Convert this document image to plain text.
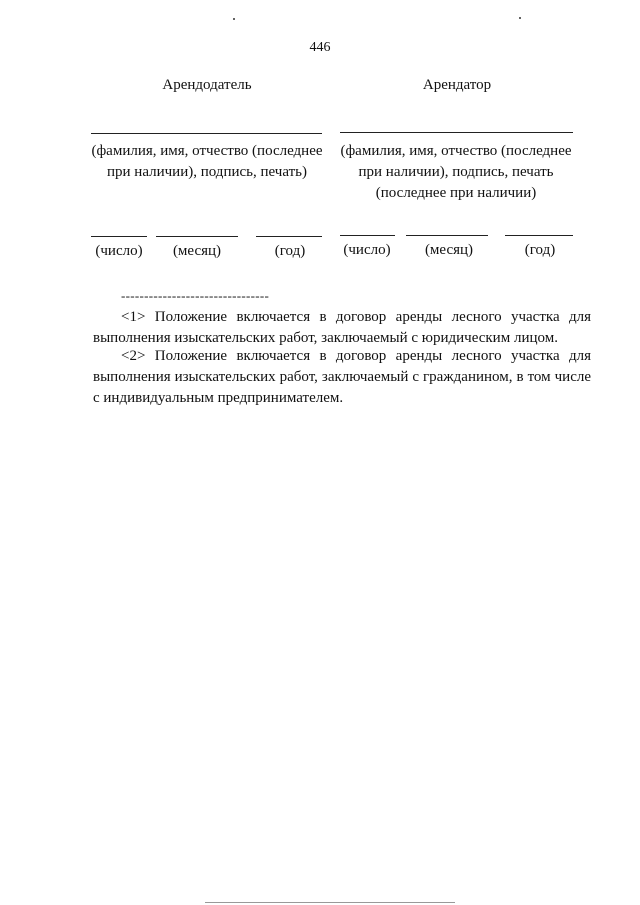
446
Арендодатель	Арендатор
(фамилия, имя, отчество (последнее при наличии), подпись, печать)
(фамилия, имя, отчество (последнее при наличии), подпись, печать (последнее при наличии)
(число)	(месяц)	(год)	(число)	(месяц)	(год)
--------------------------------

<1> Положение включается в договор аренды лесного участка для выполнения изыскательских работ, заключаемый с юридическим лицом.

<2> Положение включается в договор аренды лесного участка для выполнения изыскательских работ, заключаемый с гражданином, в том числе с индивидуальным предпринимателем.
